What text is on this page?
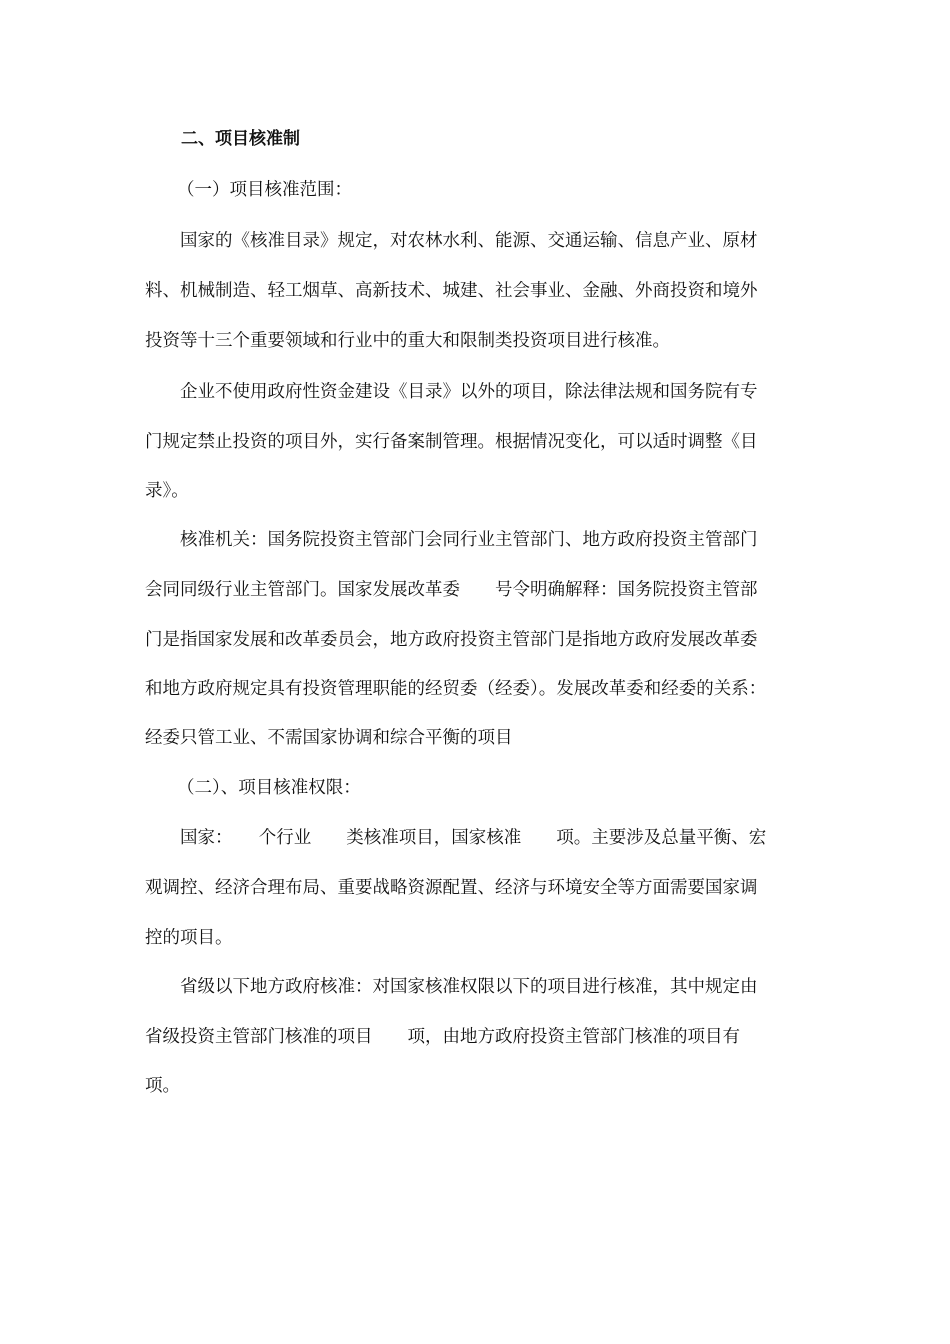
二、项目核准制

（一）项目核准范围：

国家的《核准目录》规定，对农林水利、能源、交通运输、信息产业、原材

料、机械制造、轻工烟草、高新技术、城建、社会事业、金融、外商投资和境外

投资等十三个重要领域和行业中的重大和限制类投资项目进行核准。

企业不使用政府性资金建设《目录》以外的项目，除法律法规和国务院有专

门规定禁止投资的项目外，实行备案制管理。根据情况变化，可以适时调整《目

录》。

核准机关：国务院投资主管部门会同行业主管部门、地方政府投资主管部门

会同同级行业主管部门。国家发展改革委　　号令明确解释：国务院投资主管部

门是指国家发展和改革委员会，地方政府投资主管部门是指地方政府发展改革委

和地方政府规定具有投资管理职能的经贸委（经委）。发展改革委和经委的关系：

经委只管工业、不需国家协调和综合平衡的项目

（二）、项目核准权限：

国家：　　个行业　　类核准项目，国家核准　　项。主要涉及总量平衡、宏

观调控、经济合理布局、重要战略资源配置、经济与环境安全等方面需要国家调

控的项目。

省级以下地方政府核准：对国家核准权限以下的项目进行核准，其中规定由

省级投资主管部门核准的项目　　项，由地方政府投资主管部门核准的项目有

项。
